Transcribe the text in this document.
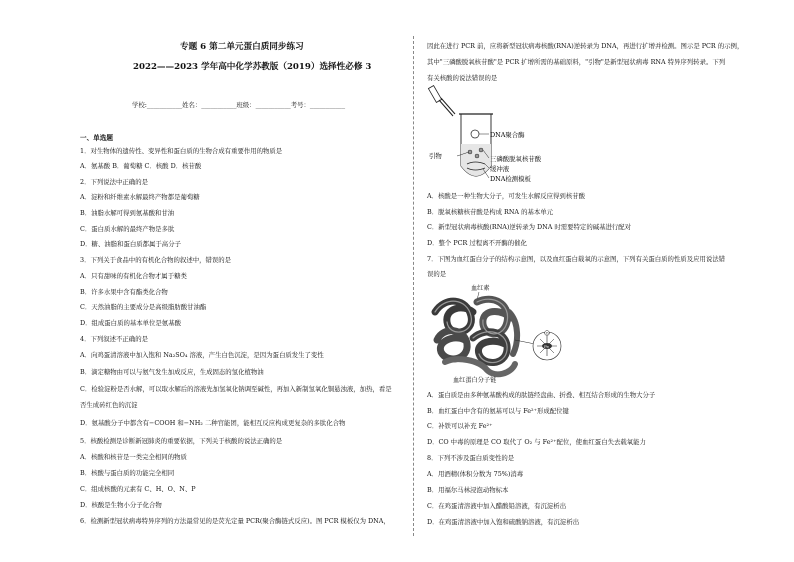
专题 6 第二单元蛋白质同步练习
2022——2023 学年高中化学苏教版（2019）选择性必修 3
学校:___________姓名：___________班级：___________考号：___________
一、单选题
1．对生物体的遗传性、变异性和蛋白质的生物合成有重要作用的物质是
A．氨基酸 B．葡萄糖 C．核酸 D．核苷酸
2．下列说法中正确的是
A．淀粉和纤维素水解最终产物都是葡萄糖
B．油脂水解可得到氨基酸和甘油
C．蛋白质水解的最终产物是多肽
D．糖、油脂和蛋白质都属于高分子
3．下列关于食品中的有机化合物的叙述中，错误的是
A．只有甜味的有机化合物才属于糖类
B．许多水果中含有酯类化合物
C．天然油脂的主要成分是高级脂肪酸甘油酯
D．组成蛋白质的基本单位是氨基酸
4．下列叙述不正确的是
A．向鸡蛋清溶液中加入饱和 Na₂SO₄ 溶液，产生白色沉淀，是因为蛋白质发生了变性
B．滴定糖物由可以与氨气发生加成反应，生成固态的氢化植物油
C．检验淀粉是否水解，可以取水解后的溶液先加氢氧化钠调至碱性，再加入新制氢氧化铜悬浊液，加热，看是
否生成砖红色的沉淀
D．氨基酸分子中都含有−COOH 和−NH₂ 二种官能团，能相互反应构成更复杂的多肽化合物
5．核酸检测是诊断新冠肺炎的重要依据，下列关于核酸的说法正确的是
A．核酸和核苷是一类完全相同的物质
B．核酸与蛋白质的功能完全相同
C．组成核酸的元素有 C、H、O、N、P
D．核酸是生物小分子化合物
6．检测新型冠状病毒特异序列的方法最常见的是荧光定量 PCR(聚合酶链式反应)。图 PCR 模板仅为 DNA，
因此在进行 PCR 前，应将新型冠状病毒核酸(RNA)逆转录为 DNA，再进行扩增并检测。图示是 PCR 的示例，
其中"三磷酸脱氧核苷酸"是 PCR 扩增所需的基础原料，"引物"是新型冠状病毒 RNA 特异序列转录。下列
有关核酸的说法错误的是
DNA聚合酶
引物	三磷酸脱氧核苷酸
缓冲液
DNA检测模板
A．核酸是一种生物大分子，可发生水解反应得到核苷酸
B．脱氧核糖核苷酸是构成 RNA 的基本单元
C．新型冠状病毒核酸(RNA)逆转录为 DNA 时需要特定的碱基进行配对
D．整个 PCR 过程离不开酶的催化
7．下图为血红蛋白分子的结构示意图，以及血红蛋白载氧的示意图，下列有关蛋白质的性质及应用说法错
误的是
血红素
Fe
O
血红蛋白分子链
A．蛋白质是由多种氨基酸构成的肽链经盘曲、折叠、相互结合形成的生物大分子
B．血红蛋白中含有的氨基可以与 Fe²⁺形成配位键
C．补铁可以补充 Fe²⁺
D．CO 中毒的原理是 CO 取代了 O₂ 与 Fe²⁺配位，使血红蛋白失去载氧能力
8．下列不涉及蛋白质变性的是
A．用酒精(体积分数为 75%)消毒
B．用福尔马林浸泡动物标本
C．在鸡蛋清溶液中加入醋酸铅溶液，有沉淀析出
D．在鸡蛋清溶液中加入饱和硫酸钠溶液，有沉淀析出
